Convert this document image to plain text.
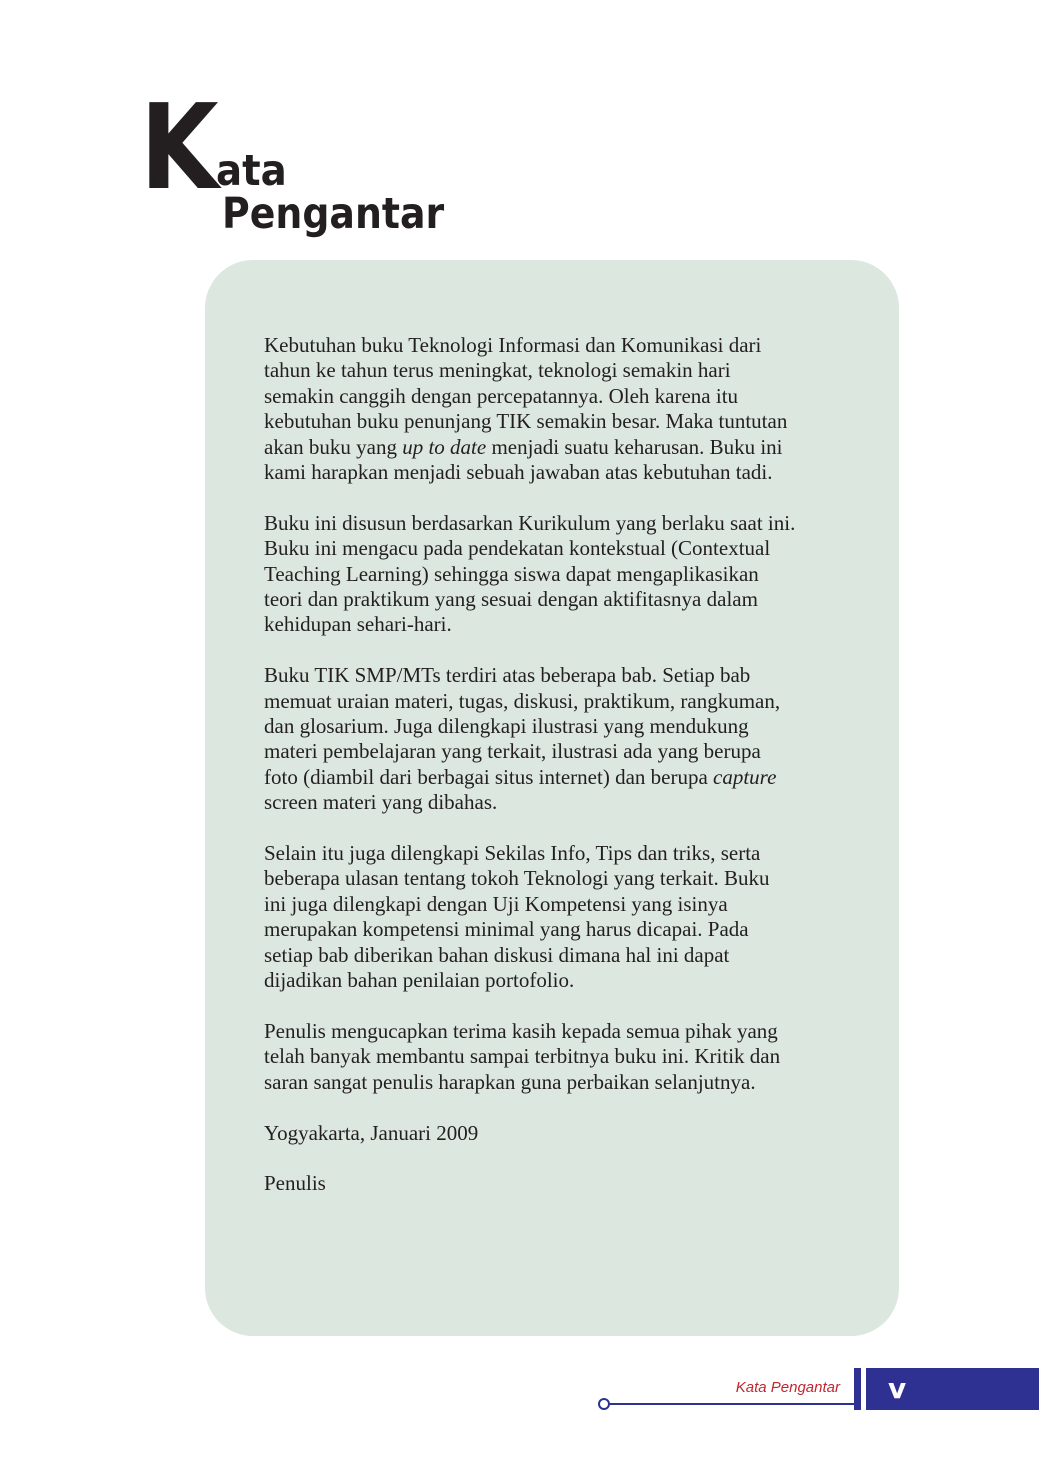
K
ata
Pengantar
Kebutuhan buku Teknologi Informasi dan Komunikasi dari
tahun ke tahun terus meningkat, teknologi semakin hari
semakin canggih dengan percepatannya. Oleh karena itu
kebutuhan buku penunjang TIK semakin besar. Maka tuntutan
akan buku yang up to date menjadi suatu keharusan. Buku ini
kami harapkan menjadi sebuah jawaban atas kebutuhan tadi.
Buku ini disusun berdasarkan Kurikulum yang berlaku saat ini.
Buku ini mengacu pada pendekatan kontekstual (Contextual
Teaching Learning) sehingga siswa dapat mengaplikasikan
teori dan praktikum yang sesuai dengan aktifitasnya dalam
kehidupan sehari-hari.
Buku TIK SMP/MTs terdiri atas beberapa bab. Setiap bab
memuat uraian materi, tugas, diskusi, praktikum, rangkuman,
dan glosarium. Juga dilengkapi ilustrasi yang mendukung
materi pembelajaran yang terkait, ilustrasi ada yang berupa
foto (diambil dari berbagai situs internet) dan berupa capture
screen materi yang dibahas.
Selain itu juga dilengkapi Sekilas Info, Tips dan triks, serta
beberapa ulasan tentang tokoh Teknologi yang terkait. Buku
ini juga dilengkapi dengan Uji Kompetensi yang isinya
merupakan kompetensi minimal yang harus dicapai. Pada
setiap bab diberikan bahan diskusi dimana hal ini dapat
dijadikan bahan penilaian portofolio.
Penulis mengucapkan terima kasih kepada semua pihak yang
telah banyak membantu sampai terbitnya buku ini. Kritik dan
saran sangat penulis harapkan guna perbaikan selanjutnya.
Yogyakarta, Januari 2009
Penulis
Kata Pengantar v
